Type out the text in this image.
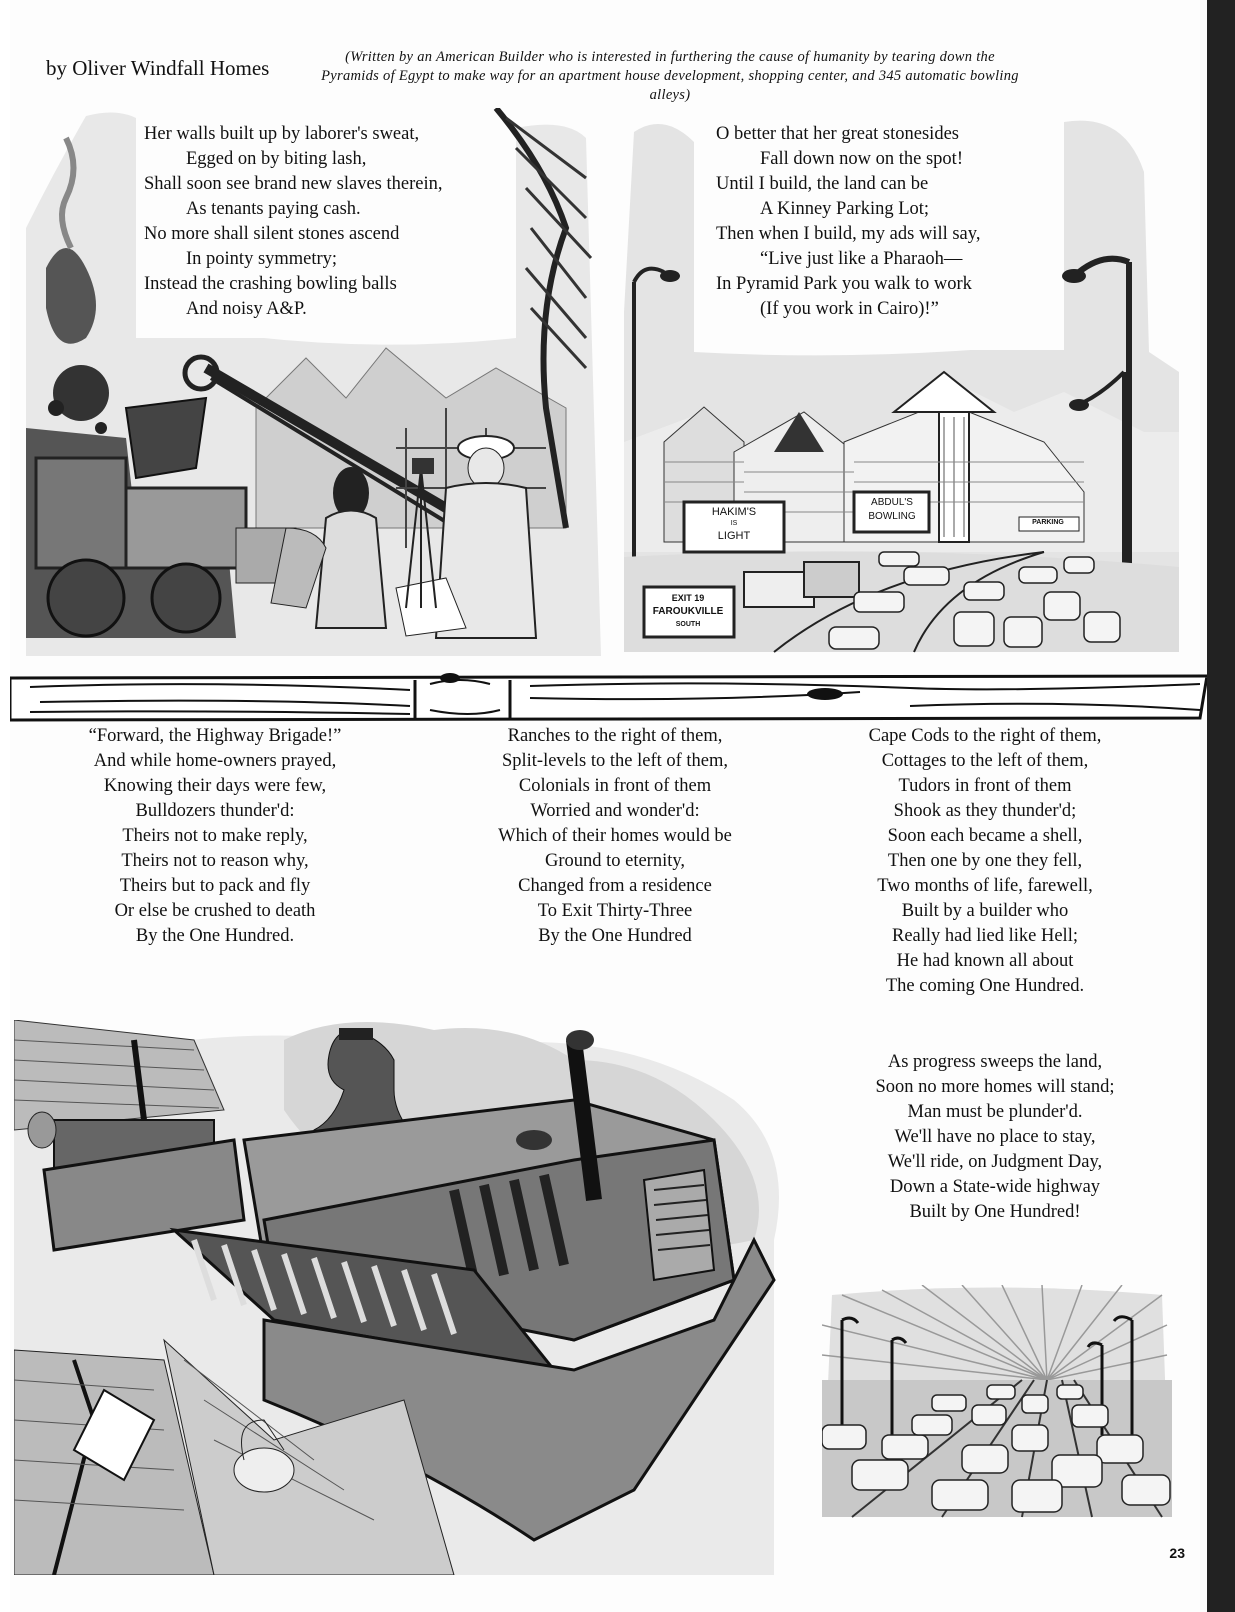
by Oliver Windfall Homes	(Written by an American Builder who is interested in furthering the cause of humanity by tearing down the Pyramids of Egypt to make way for an apartment house development, shopping center, and 345 automatic bowling alleys)
Her walls built up by laborer's sweat,
Egged on by biting lash,
Shall soon see brand new slaves therein,
As tenants paying cash.
No more shall silent stones ascend
In pointy symmetry;
Instead the crashing bowling balls
And noisy A&P.
HAKIM'S
IS
LIGHT
ABDUL'S
BOWLING
PARKING
EXIT 19
FAROUKVILLE
SOUTH
O better that her great stonesides
Fall down now on the spot!
Until I build, the land can be
A Kinney Parking Lot;
Then when I build, my ads will say,
“Live just like a Pharaoh—
In Pyramid Park you walk to work
(If you work in Cairo)!”
“Forward, the Highway Brigade!”
And while home-owners prayed,
Knowing their days were few,
Bulldozers thunder'd:
Theirs not to make reply,
Theirs not to reason why,
Theirs but to pack and fly
Or else be crushed to death
By the One Hundred.
Ranches to the right of them,
Split-levels to the left of them,
Colonials in front of them
Worried and wonder'd:
Which of their homes would be
Ground to eternity,
Changed from a residence
To Exit Thirty-Three
By the One Hundred
Cape Cods to the right of them,
Cottages to the left of them,
Tudors in front of them
Shook as they thunder'd;
Soon each became a shell,
Then one by one they fell,
Two months of life, farewell,
Built by a builder who
Really had lied like Hell;
He had known all about
The coming One Hundred.
As progress sweeps the land,
Soon no more homes will stand;
Man must be plunder'd.
We'll have no place to stay,
We'll ride, on Judgment Day,
Down a State-wide highway
Built by One Hundred!
23
